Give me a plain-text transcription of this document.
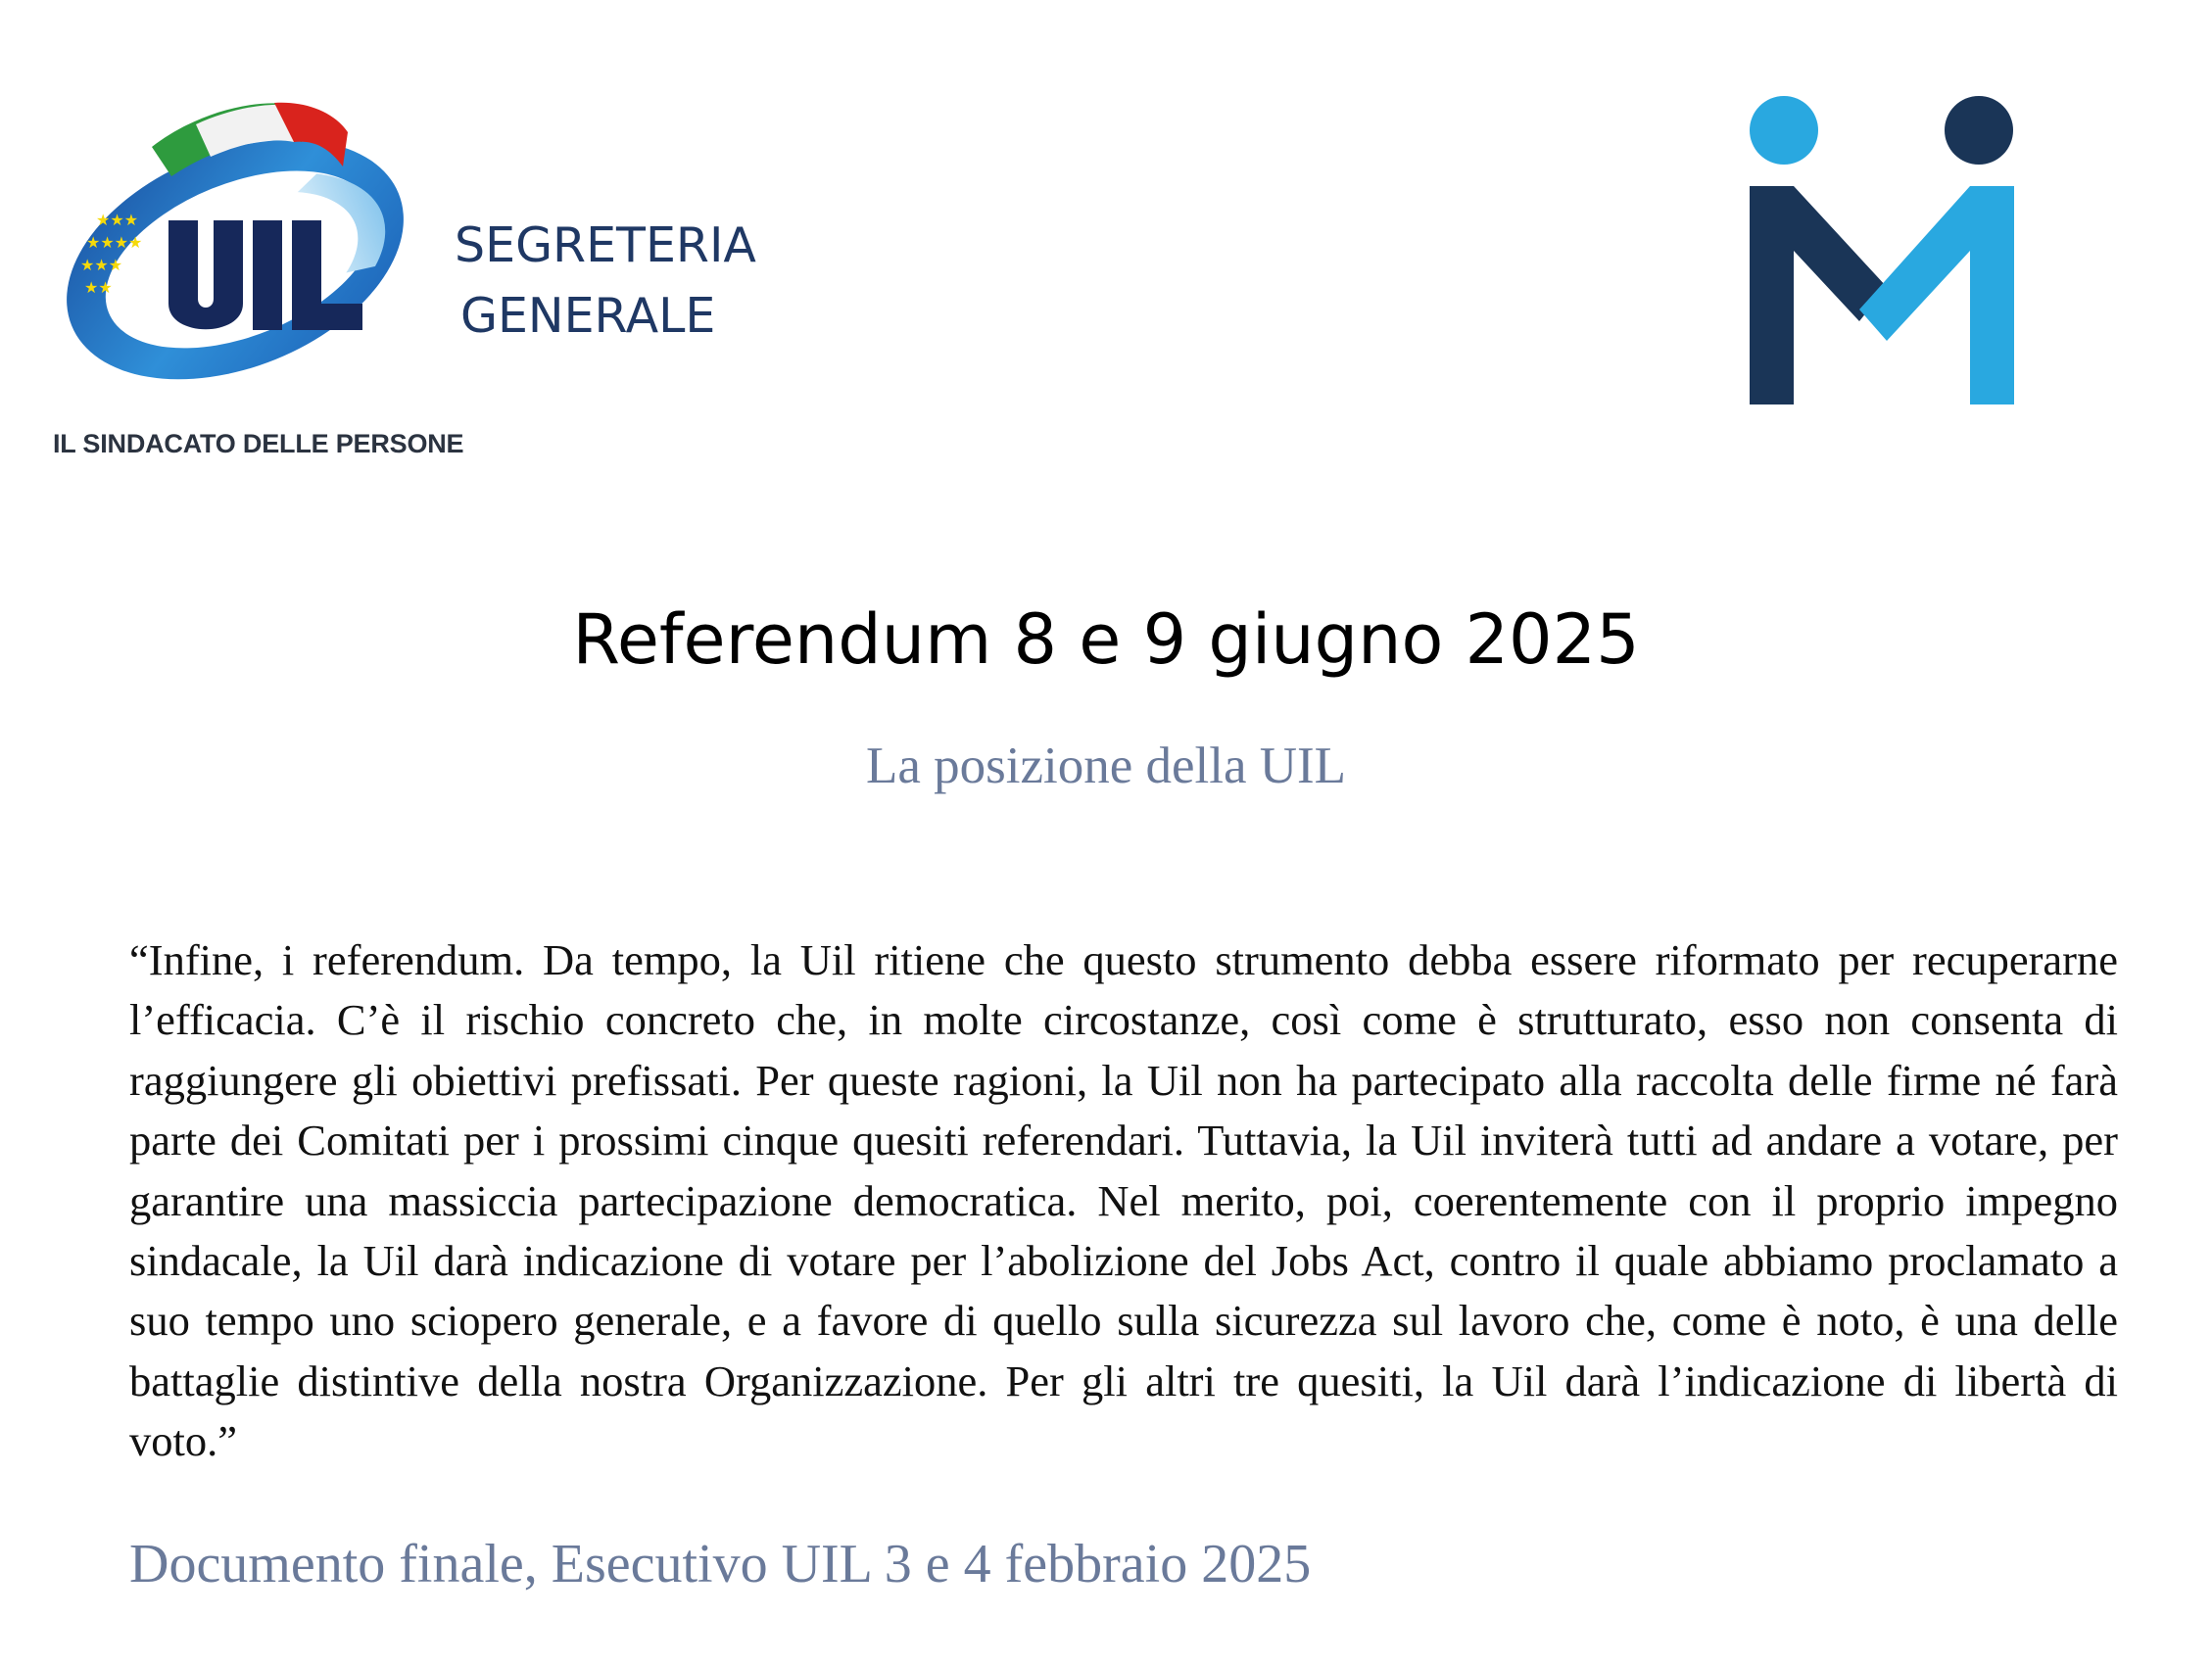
★★★
★★★★
★★★
★★
IL SINDACATO DELLE PERSONE
SEGRETERIA
GENERALE
Referendum 8 e 9 giugno 2025
La posizione della UIL

“Infine, i referendum. Da tempo, la Uil ritiene che questo strumento debba essere riformato per recuperarne l’efficacia. C’è il rischio concreto che, in molte circostanze, così come è strutturato, esso non consenta di raggiungere gli obiettivi prefissati. Per queste ragioni, la Uil non ha partecipato alla raccolta delle firme né farà parte dei Comitati per i prossimi cinque quesiti referendari. Tuttavia, la Uil inviterà tutti ad andare a votare, per garantire una massiccia partecipazione democratica. Nel merito, poi, coerentemente con il proprio impegno sindacale, la Uil darà indicazione di votare per l’abolizione del Jobs Act, contro il quale abbiamo proclamato a suo tempo uno sciopero generale, e a favore di quello sulla sicurezza sul lavoro che, come è noto, è una delle battaglie distintive della nostra Organizzazione. Per gli altri tre quesiti, la Uil darà l’indicazione di libertà di voto.”

Documento finale, Esecutivo UIL 3 e 4 febbraio 2025
